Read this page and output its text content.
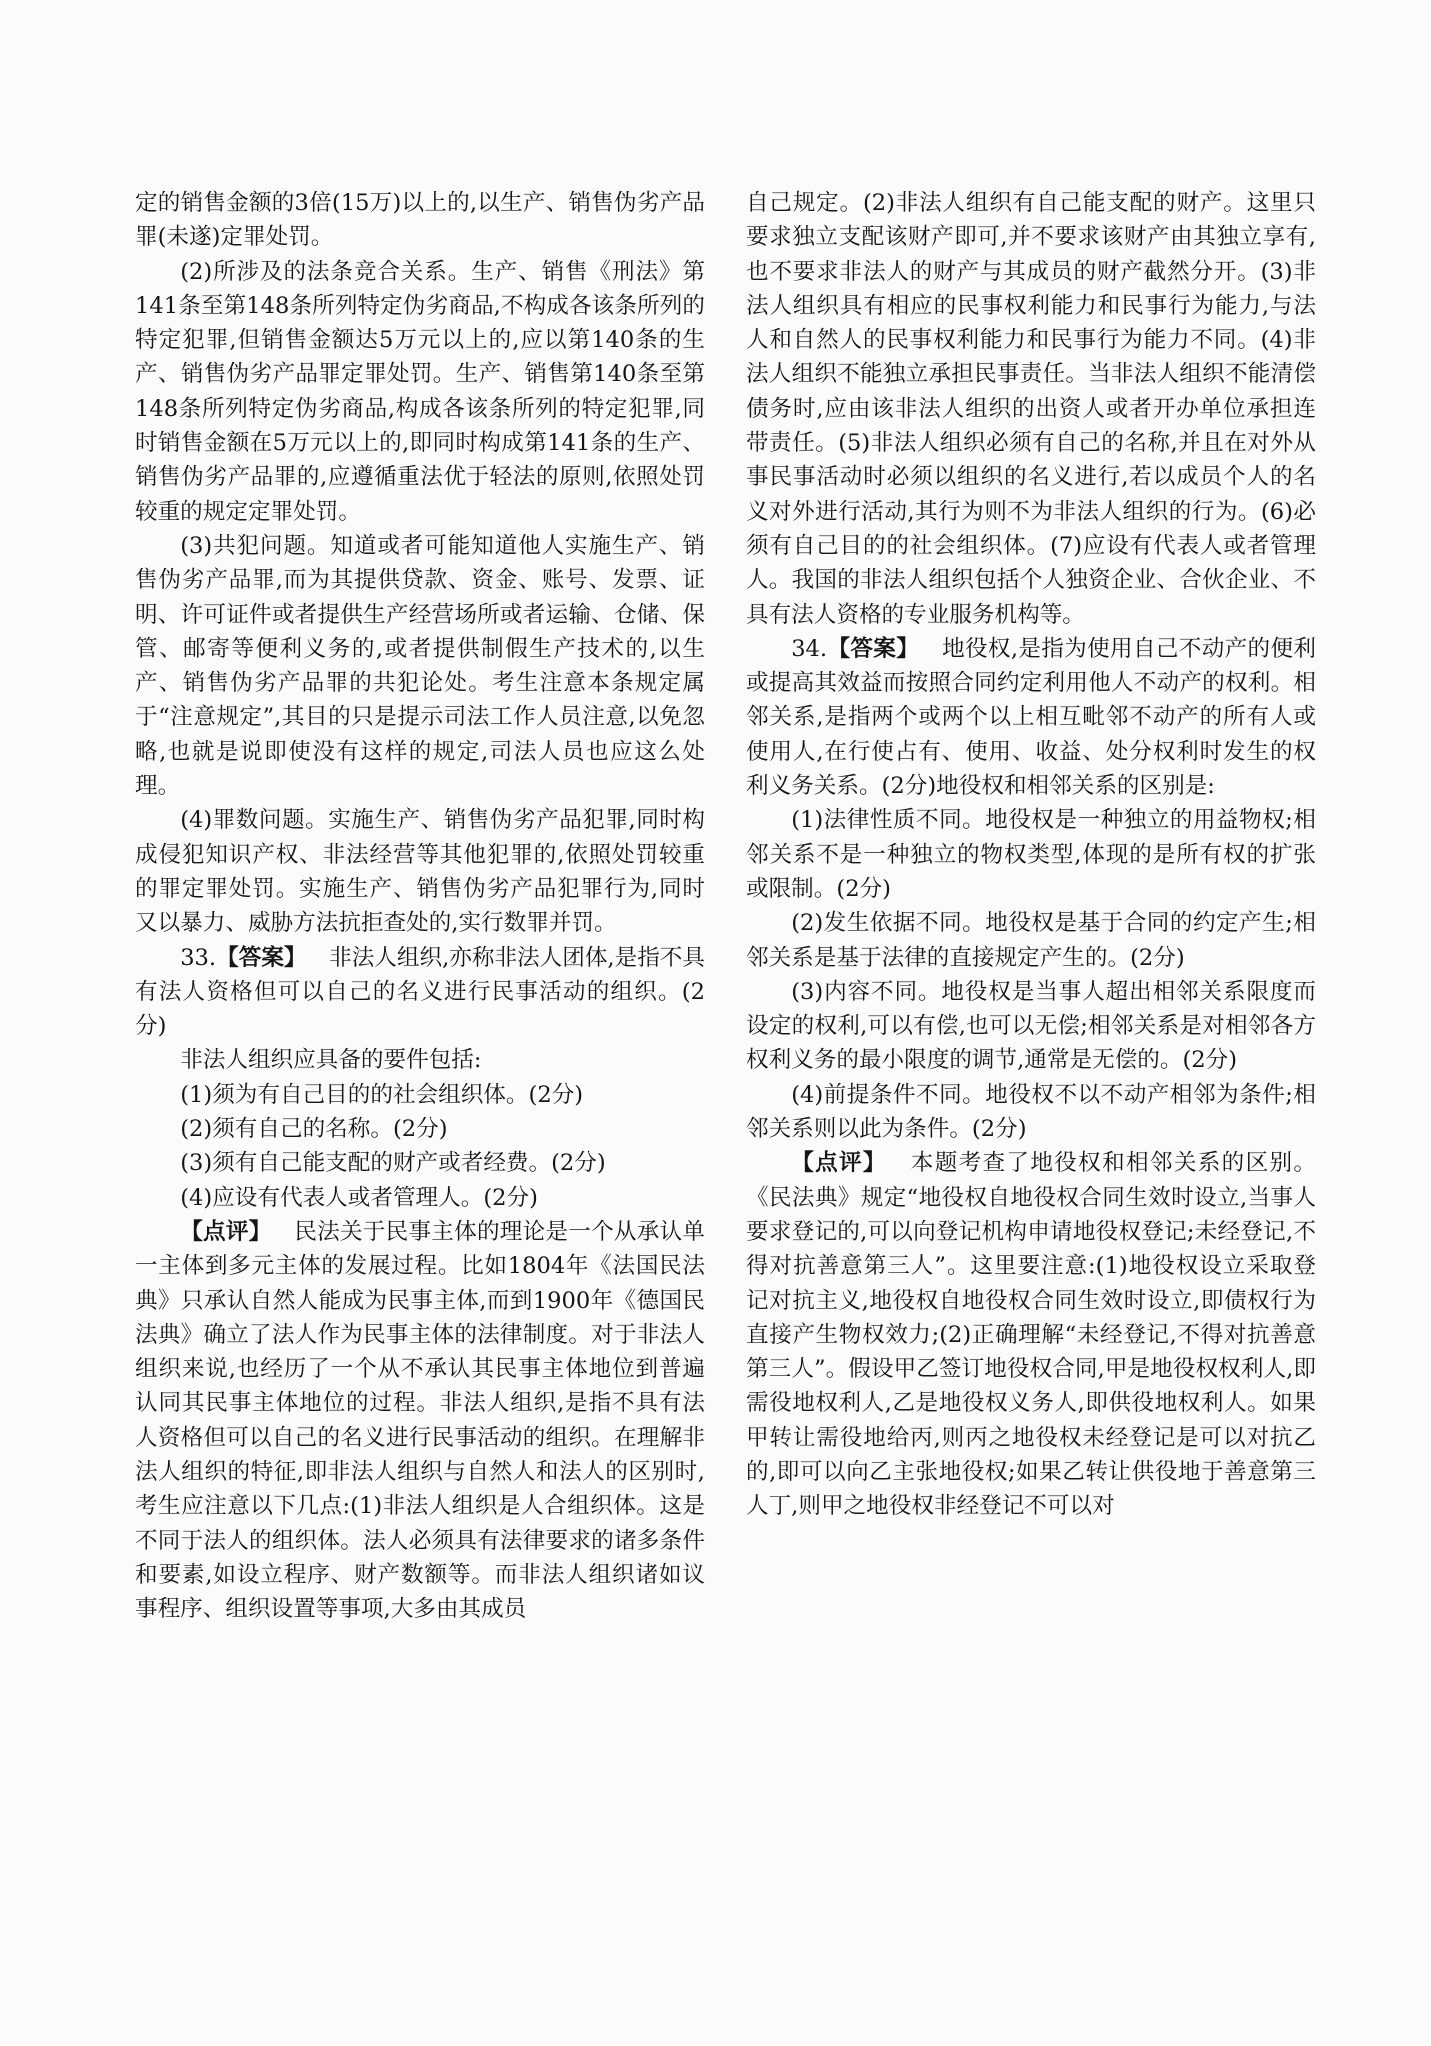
定的销售金额的3倍(15万)以上的,以生产、销售伪劣产品罪(未遂)定罪处罚。

(2)所涉及的法条竞合关系。生产、销售《刑法》第141条至第148条所列特定伪劣商品,不构成各该条所列的特定犯罪,但销售金额达5万元以上的,应以第140条的生产、销售伪劣产品罪定罪处罚。生产、销售第140条至第148条所列特定伪劣商品,构成各该条所列的特定犯罪,同时销售金额在5万元以上的,即同时构成第141条的生产、销售伪劣产品罪的,应遵循重法优于轻法的原则,依照处罚较重的规定定罪处罚。

(3)共犯问题。知道或者可能知道他人实施生产、销售伪劣产品罪,而为其提供贷款、资金、账号、发票、证明、许可证件或者提供生产经营场所或者运输、仓储、保管、邮寄等便利义务的,或者提供制假生产技术的,以生产、销售伪劣产品罪的共犯论处。考生注意本条规定属于“注意规定”,其目的只是提示司法工作人员注意,以免忽略,也就是说即使没有这样的规定,司法人员也应这么处理。

(4)罪数问题。实施生产、销售伪劣产品犯罪,同时构成侵犯知识产权、非法经营等其他犯罪的,依照处罚较重的罪定罪处罚。实施生产、销售伪劣产品犯罪行为,同时又以暴力、威胁方法抗拒查处的,实行数罪并罚。

33.【答案】  非法人组织,亦称非法人团体,是指不具有法人资格但可以自己的名义进行民事活动的组织。(2分)

非法人组织应具备的要件包括:

(1)须为有自己目的的社会组织体。(2分)

(2)须有自己的名称。(2分)

(3)须有自己能支配的财产或者经费。(2分)

(4)应设有代表人或者管理人。(2分)

【点评】  民法关于民事主体的理论是一个从承认单一主体到多元主体的发展过程。比如1804年《法国民法典》只承认自然人能成为民事主体,而到1900年《德国民法典》确立了法人作为民事主体的法律制度。对于非法人组织来说,也经历了一个从不承认其民事主体地位到普遍认同其民事主体地位的过程。非法人组织,是指不具有法人资格但可以自己的名义进行民事活动的组织。在理解非法人组织的特征,即非法人组织与自然人和法人的区别时,考生应注意以下几点:(1)非法人组织是人合组织体。这是不同于法人的组织体。法人必须具有法律要求的诸多条件和要素,如设立程序、财产数额等。而非法人组织诸如议事程序、组织设置等事项,大多由其成员

自己规定。(2)非法人组织有自己能支配的财产。这里只要求独立支配该财产即可,并不要求该财产由其独立享有,也不要求非法人的财产与其成员的财产截然分开。(3)非法人组织具有相应的民事权利能力和民事行为能力,与法人和自然人的民事权利能力和民事行为能力不同。(4)非法人组织不能独立承担民事责任。当非法人组织不能清偿债务时,应由该非法人组织的出资人或者开办单位承担连带责任。(5)非法人组织必须有自己的名称,并且在对外从事民事活动时必须以组织的名义进行,若以成员个人的名义对外进行活动,其行为则不为非法人组织的行为。(6)必须有自己目的的社会组织体。(7)应设有代表人或者管理人。我国的非法人组织包括个人独资企业、合伙企业、不具有法人资格的专业服务机构等。

34.【答案】  地役权,是指为使用自己不动产的便利或提高其效益而按照合同约定利用他人不动产的权利。相邻关系,是指两个或两个以上相互毗邻不动产的所有人或使用人,在行使占有、使用、收益、处分权利时发生的权利义务关系。(2分)地役权和相邻关系的区别是:

(1)法律性质不同。地役权是一种独立的用益物权;相邻关系不是一种独立的物权类型,体现的是所有权的扩张或限制。(2分)

(2)发生依据不同。地役权是基于合同的约定产生;相邻关系是基于法律的直接规定产生的。(2分)

(3)内容不同。地役权是当事人超出相邻关系限度而设定的权利,可以有偿,也可以无偿;相邻关系是对相邻各方权利义务的最小限度的调节,通常是无偿的。(2分)

(4)前提条件不同。地役权不以不动产相邻为条件;相邻关系则以此为条件。(2分)

【点评】  本题考查了地役权和相邻关系的区别。《民法典》规定“地役权自地役权合同生效时设立,当事人要求登记的,可以向登记机构申请地役权登记;未经登记,不得对抗善意第三人”。这里要注意:(1)地役权设立采取登记对抗主义,地役权自地役权合同生效时设立,即债权行为直接产生物权效力;(2)正确理解“未经登记,不得对抗善意第三人”。假设甲乙签订地役权合同,甲是地役权权利人,即需役地权利人,乙是地役权义务人,即供役地权利人。如果甲转让需役地给丙,则丙之地役权未经登记是可以对抗乙的,即可以向乙主张地役权;如果乙转让供役地于善意第三人丁,则甲之地役权非经登记不可以对
